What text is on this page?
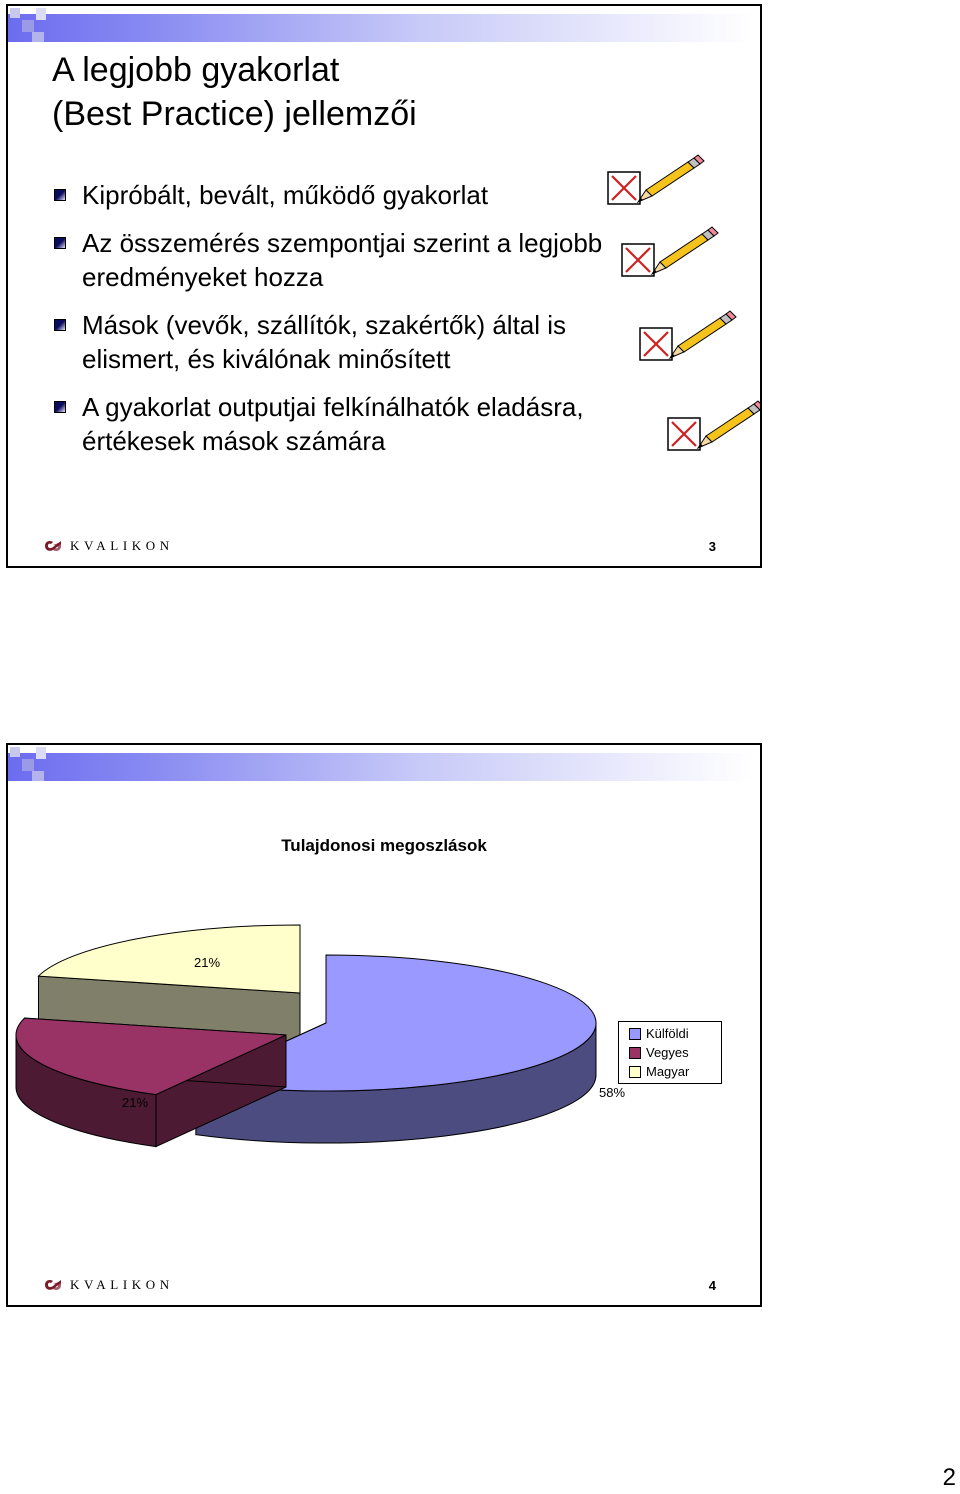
A legjobb gyakorlat
(Best Practice) jellemzői
Kipróbált, bevált, működő gyakorlat
Az összemérés szempontjai szerint a legjobb eredményeket hozza
Mások (vevők, szállítók, szakértők) által is elismert, és kiválónak minősített
A gyakorlat outputjai felkínálhatók eladásra, értékesek mások számára
KVALIKON	3
Tulajdonosi megoszlások
58%
21%
21%
Külföldi
Vegyes
Magyar
KVALIKON	4
2
